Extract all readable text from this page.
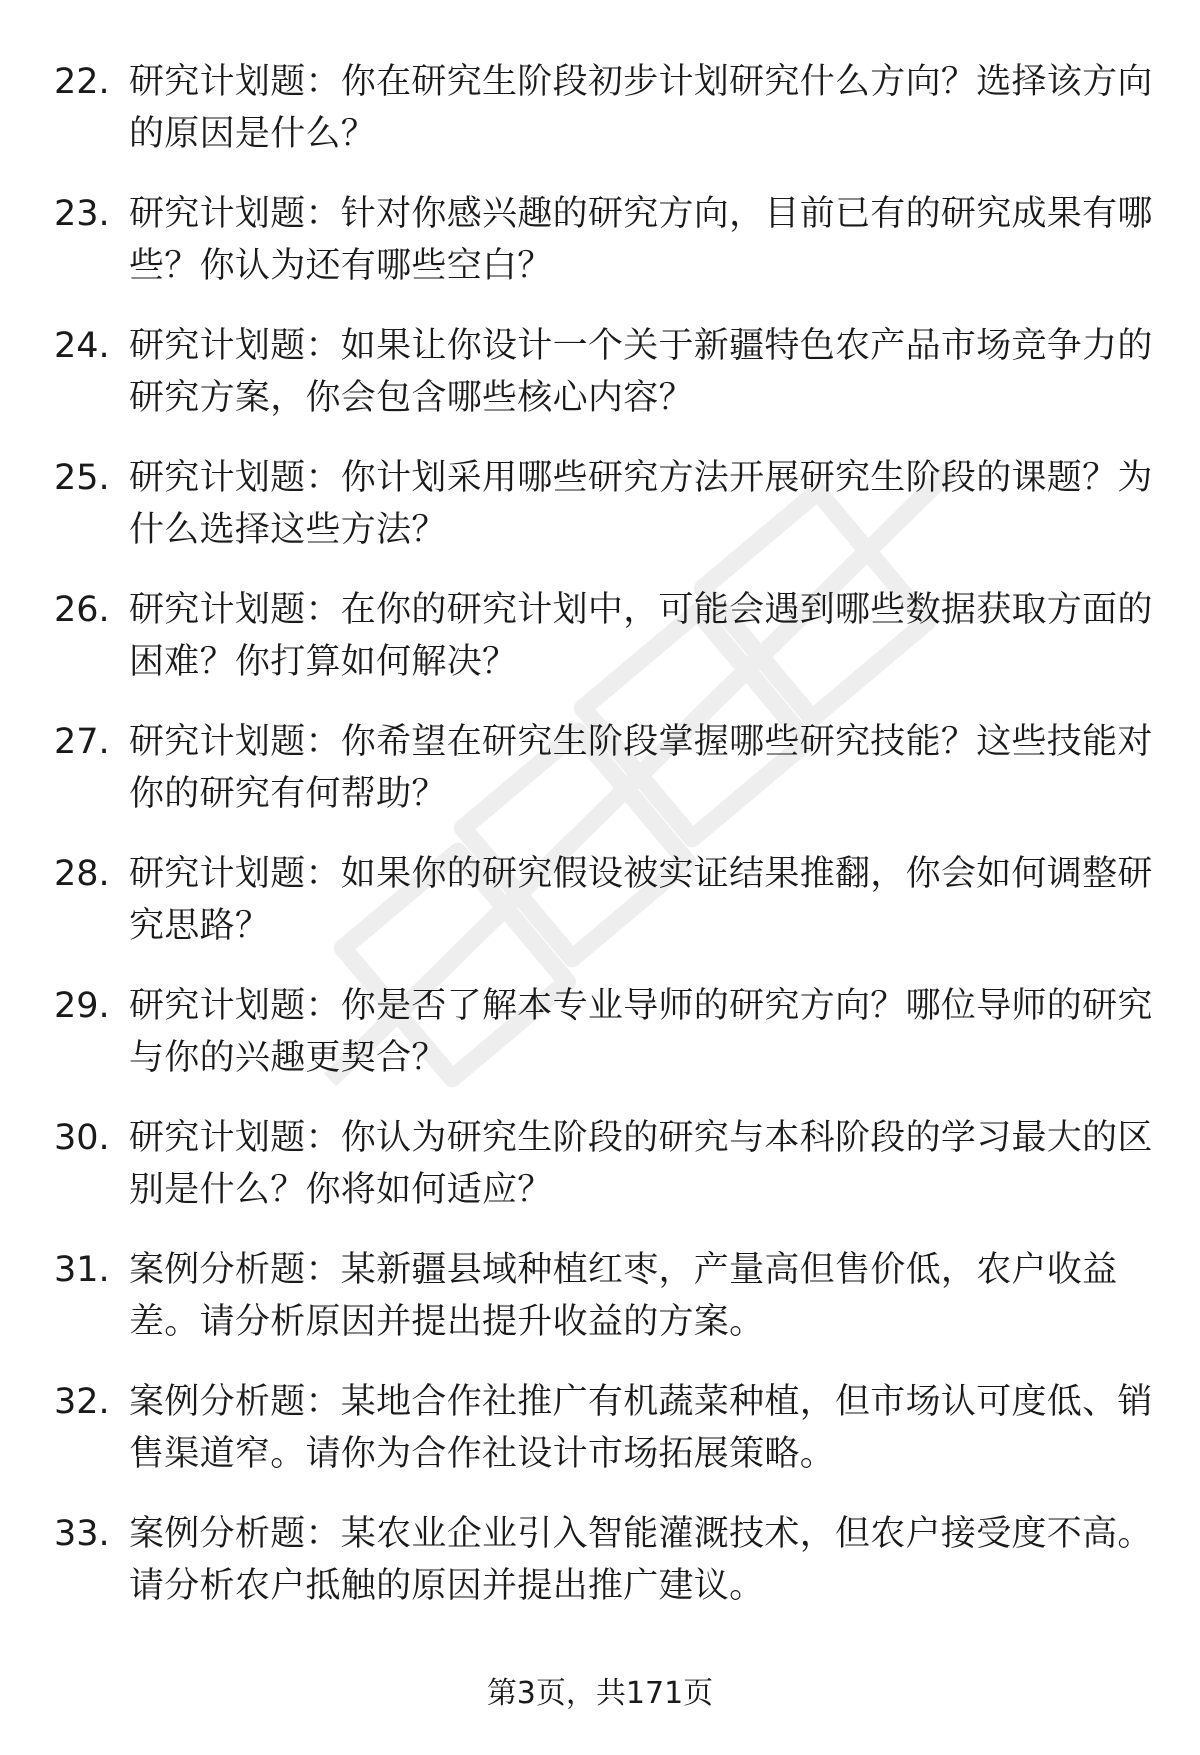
22. 研究计划题：你在研究生阶段初步计划研究什么方向？选择该方向的原因是什么？
23. 研究计划题：针对你感兴趣的研究方向，目前已有的研究成果有哪些？你认为还有哪些空白？
24. 研究计划题：如果让你设计一个关于新疆特色农产品市场竞争力的研究方案，你会包含哪些核心内容？
25. 研究计划题：你计划采用哪些研究方法开展研究生阶段的课题？为什么选择这些方法？
26. 研究计划题：在你的研究计划中，可能会遇到哪些数据获取方面的困难？你打算如何解决？
27. 研究计划题：你希望在研究生阶段掌握哪些研究技能？这些技能对你的研究有何帮助？
28. 研究计划题：如果你的研究假设被实证结果推翻，你会如何调整研究思路？
29. 研究计划题：你是否了解本专业导师的研究方向？哪位导师的研究与你的兴趣更契合？
30. 研究计划题：你认为研究生阶段的研究与本科阶段的学习最大的区别是什么？你将如何适应？
31. 案例分析题：某新疆县域种植红枣，产量高但售价低，农户收益差。请分析原因并提出提升收益的方案。
32. 案例分析题：某地合作社推广有机蔬菜种植，但市场认可度低、销售渠道窄。请你为合作社设计市场拓展策略。
33. 案例分析题：某农业企业引入智能灌溉技术，但农户接受度不高。请分析农户抵触的原因并提出推广建议。
第3页，共171页
